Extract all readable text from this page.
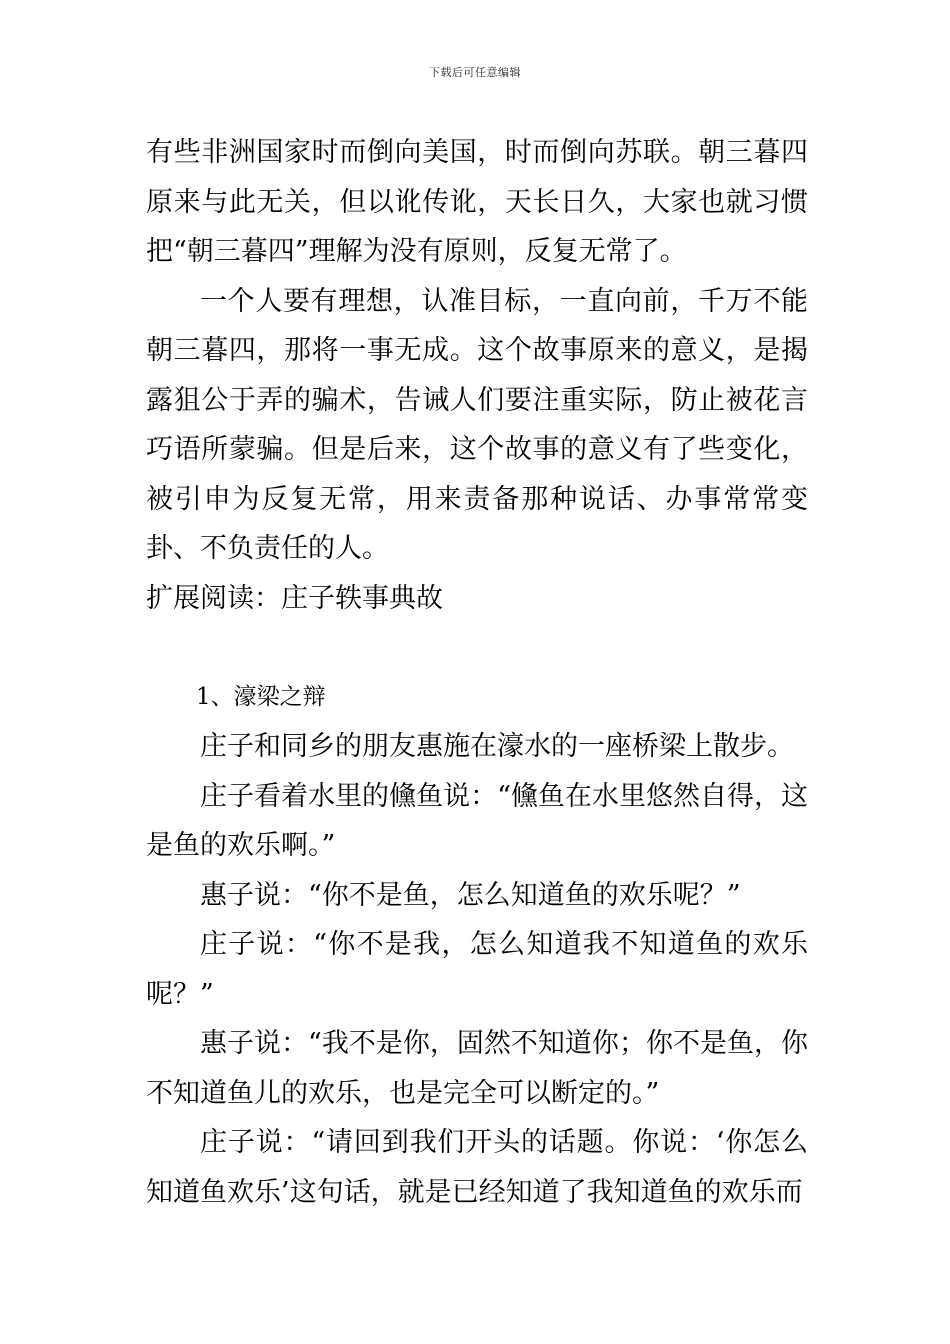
下载后可任意编辑

有些非洲国家时而倒向美国，时而倒向苏联。朝三暮四原来与此无关，但以讹传讹，天长日久，大家也就习惯把“朝三暮四”理解为没有原则，反复无常了。

一个人要有理想，认准目标，一直向前，千万不能朝三暮四，那将一事无成。这个故事原来的意义，是揭露狙公于弄的骗术，告诫人们要注重实际，防止被花言巧语所蒙骗。但是后来，这个故事的意义有了些变化，被引申为反复无常，用来责备那种说话、办事常常变卦、不负责任的人。

扩展阅读：庄子轶事典故

1、濠梁之辩

庄子和同乡的朋友惠施在濠水的一座桥梁上散步。

庄子看着水里的儵鱼说：“儵鱼在水里悠然自得，这是鱼的欢乐啊。”

惠子说：“你不是鱼，怎么知道鱼的欢乐呢？”

庄子说：“你不是我，怎么知道我不知道鱼的欢乐呢？”

惠子说：“我不是你，固然不知道你；你不是鱼，你不知道鱼儿的欢乐，也是完全可以断定的。”

庄子说：“请回到我们开头的话题。你说：‘你怎么知道鱼欢乐’这句话，就是已经知道了我知道鱼的欢乐而
